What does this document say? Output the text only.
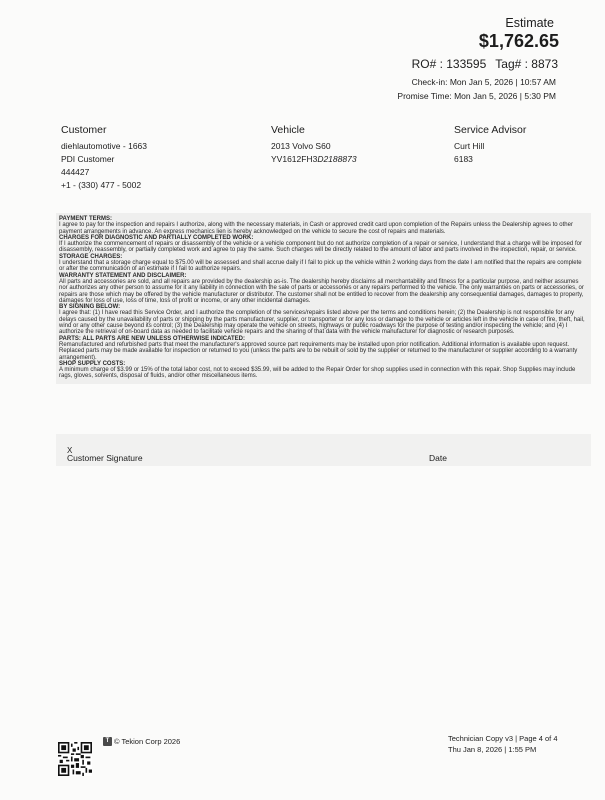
Estimate
$1,762.65
RO# : 133595 Tag# : 8873
Check-in: Mon Jan 5, 2026 | 10:57 AM
Promise Time: Mon Jan 5, 2026 | 5:30 PM
Customer
diehlautomotive - 1663
PDI Customer
444427
+1 - (330) 477 - 5002
Vehicle
2013 Volvo S60
YV1612FH3D2188873
Service Advisor
Curt Hill
6183
PAYMENT TERMS:

I agree to pay for the inspection and repairs I authorize, along with the necessary materials, in Cash or approved credit card upon completion of the Repairs unless the Dealership agrees to other payment arrangements in advance. An express mechanics lien is hereby acknowledged on the vehicle to secure the cost of repairs and materials.

CHARGES FOR DIAGNOSTIC AND PARTIALLY COMPLETED WORK:

If I authorize the commencement of repairs or disassembly of the vehicle or a vehicle component but do not authorize completion of a repair or service, I understand that a charge will be imposed for disassembly, reassembly, or partially completed work and agree to pay the same. Such charges will be directly related to the amount of labor and parts involved in the inspection, repair, or service.

STORAGE CHARGES:

I understand that a storage charge equal to $75.00 will be assessed and shall accrue daily if I fail to pick up the vehicle within 2 working days from the date I am notified that the repairs are complete or after the communication of an estimate if I fail to authorize repairs.

WARRANTY STATEMENT AND DISCLAIMER:

All parts and accessories are sold, and all repairs are provided by the dealership as-is. The dealership hereby disclaims all merchantability and fitness for a particular purpose, and neither assumes nor authorizes any other person to assume for it any liability in connection with the sale of parts or accessories or any repairs performed to the vehicle. The only warranties on parts or accessories, or repairs are those which may be offered by the vehicle manufacturer or distributor. The customer shall not be entitled to recover from the dealership any consequential damages, damages to property, damages for loss of use, loss of time, loss of profit or income, or any other incidental damages.

BY SIGNING BELOW:

I agree that: (1) I have read this Service Order, and I authorize the completion of the services/repairs listed above per the terms and conditions herein; (2) the Dealership is not responsible for any delays caused by the unavailability of parts or shipping by the parts manufacturer, supplier, or transporter or for any loss or damage to the vehicle or articles left in the vehicle in case of fire, theft, hail, wind or any other cause beyond its control; (3) the Dealership may operate the vehicle on streets, highways or public roadways for the purpose of testing and/or inspecting the vehicle; and (4) I authorize the retrieval of on-board data as needed to facilitate vehicle repairs and the sharing of that data with the vehicle manufacturer for diagnostic or research purposes.

PARTS: ALL PARTS ARE NEW UNLESS OTHERWISE INDICATED:

Remanufactured and refurbished parts that meet the manufacturer's approved source part requirements may be installed upon prior notification. Additional information is available upon request. Replaced parts may be made available for inspection or returned to you (unless the parts are to be rebuilt or sold by the supplier or returned to the manufacturer or supplier according to a warranty arrangement).

SHOP SUPPLY COSTS:

A minimum charge of $3.99 or 15% of the total labor cost, not to exceed $35.99, will be added to the Repair Order for shop supplies used in connection with this repair. Shop Supplies may include rags, gloves, solvents, disposal of fluids, and/or other miscellaneous items.

X
Customer Signature	Date
T © Tekion Corp 2026	Technician Copy v3 | Page 4 of 4
Thu Jan 8, 2026 | 1:55 PM
